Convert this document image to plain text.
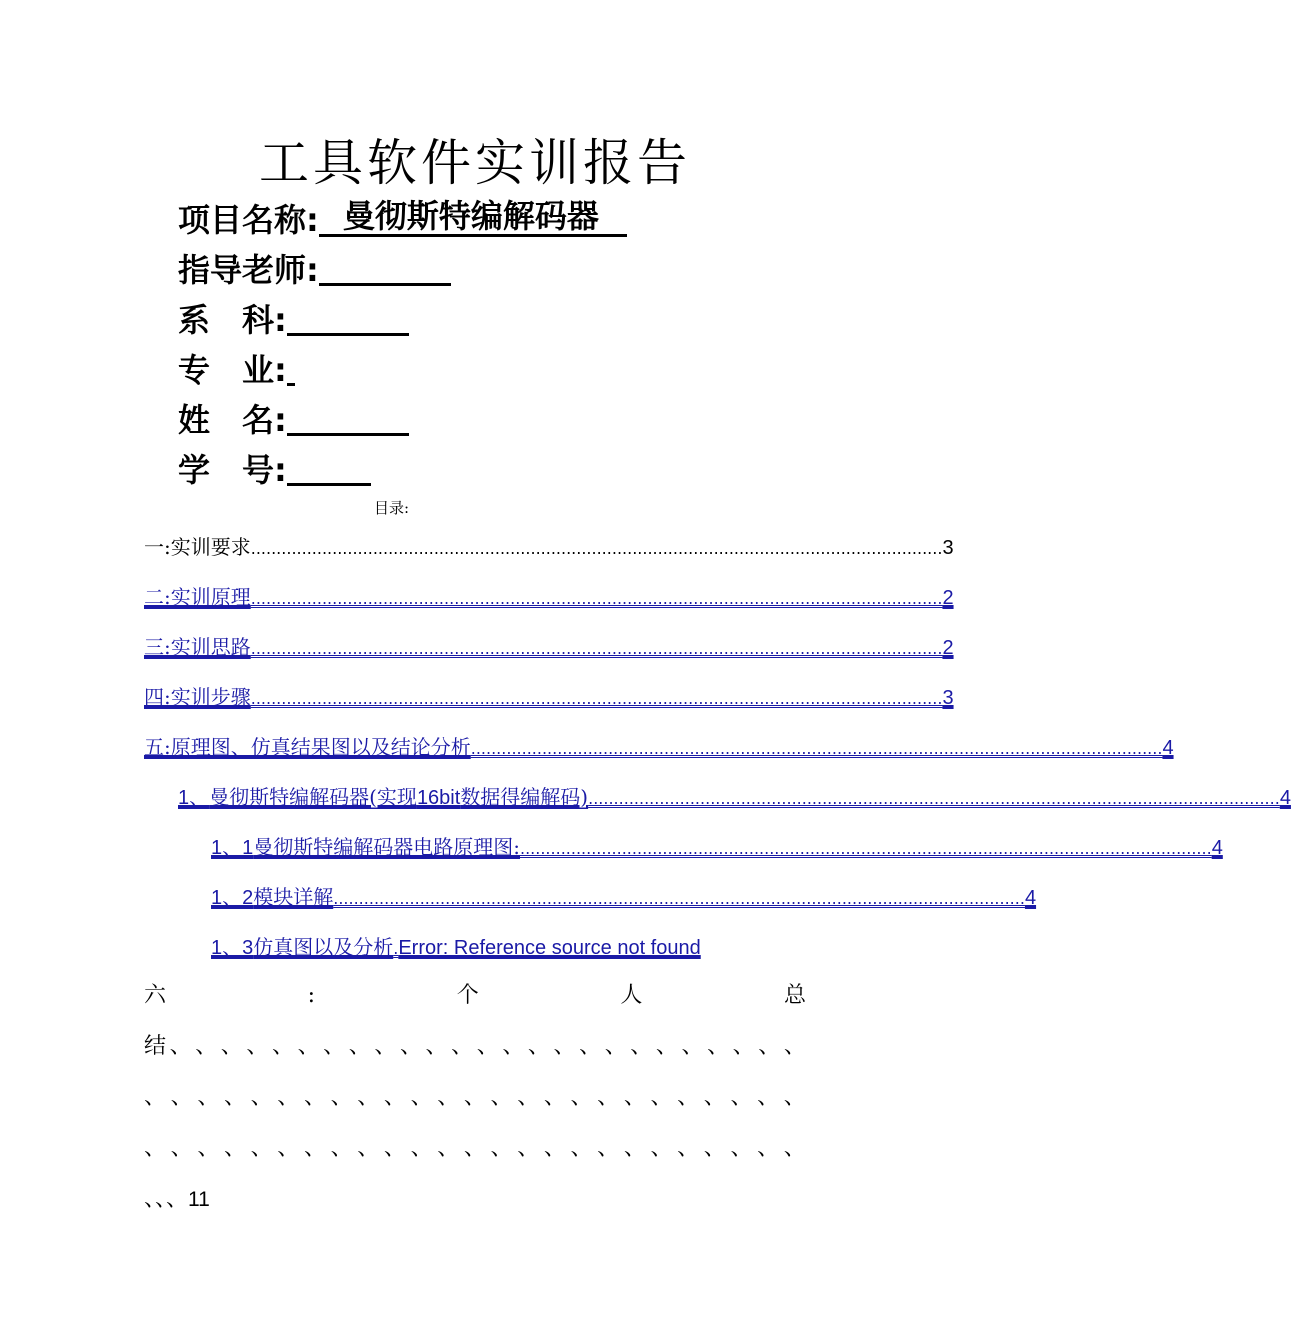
工具软件实训报告
项目名称: 曼彻斯特编解码器
指导老师:
系 科:
专 业:
姓 名:
学 号:
目录:
一:实训要求 ........................................................................................................................................ 3
二:实训原理 ........................................................................................................................................ 2
三:实训思路 ........................................................................................................................................ 2
四:实训步骤 ........................................................................................................................................ 3
五:原理图、仿真结果图以及结论分析 ........................................................................................................................................ 4
1、曼彻斯特编解码器(实现16bit数据得编解码) ........................................................................................................................................ 4
1、1曼彻斯特编解码器电路原理图: ........................................................................................................................................ 4
1、2模块详解 ........................................................................................................................................ 4
1、3仿真图以及分析 . Error: Reference source not found
六	:	个	人	总
结 、 、 、 、 、 、 、 、 、 、 、 、 、 、 、 、 、 、 、 、 、 、 、 、 、
、 、 、 、 、 、 、 、 、 、 、 、 、 、 、 、 、 、 、 、 、 、 、 、 、
、 、 、 、 、 、 、 、 、 、 、 、 、 、 、 、 、 、 、 、 、 、 、 、 、
、、、11
